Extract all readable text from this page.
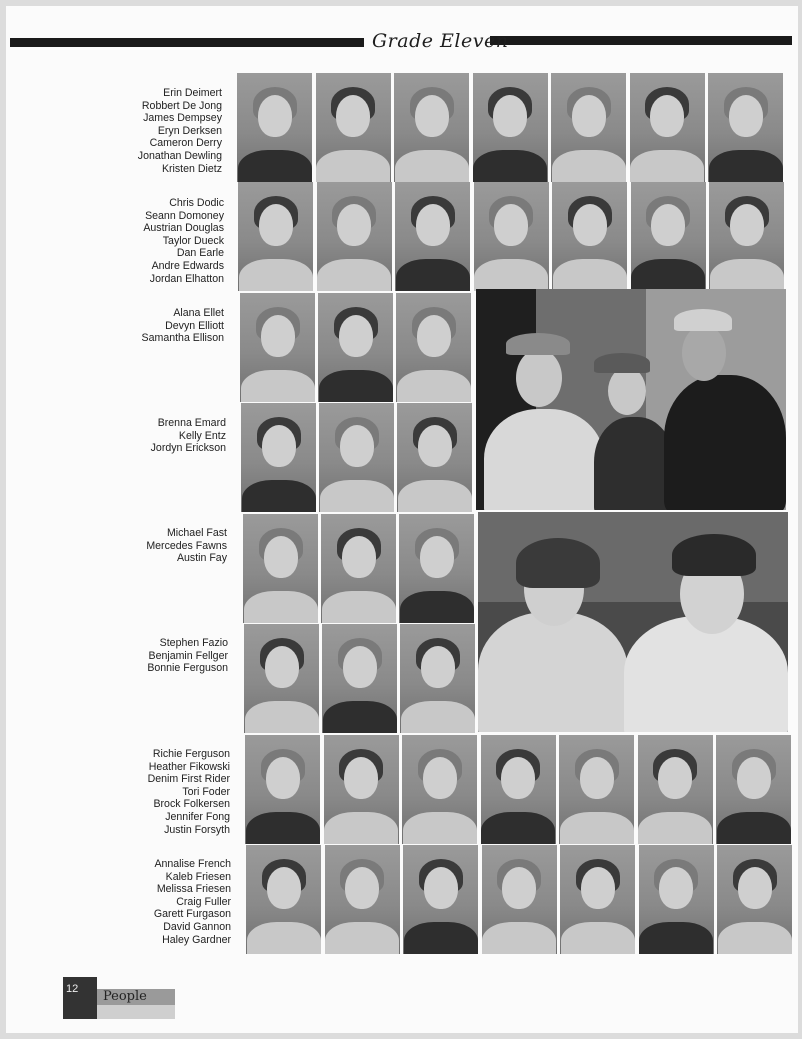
Grade Eleven
Erin Deimert
Robbert De Jong
James Dempsey
Eryn Derksen
Cameron Derry
Jonathan Dewling
Kristen Dietz
Chris Dodic
Seann Domoney
Austrian Douglas
Taylor Dueck
Dan Earle
Andre Edwards
Jordan Elhatton
Alana Ellet
Devyn Elliott
Samantha Ellison
Brenna Emard
Kelly Entz
Jordyn Erickson
Michael Fast
Mercedes Fawns
Austin Fay
Stephen Fazio
Benjamin Fellger
Bonnie Ferguson
Richie Ferguson
Heather Fikowski
Denim First Rider
Tori Foder
Brock Folkersen
Jennifer Fong
Justin Forsyth
Annalise French
Kaleb Friesen
Melissa Friesen
Craig Fuller
Garett Furgason
David Gannon
Haley Gardner
12 People
